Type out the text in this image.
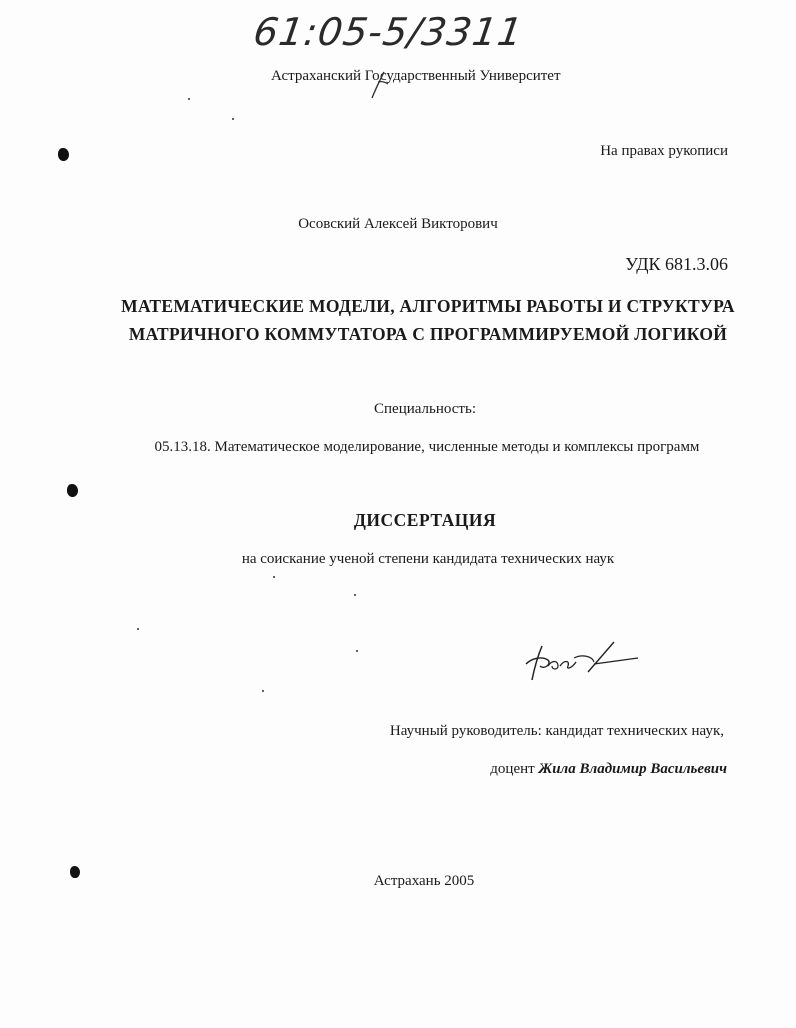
61:05-5/3311
Астраханский Государственный Университет
На правах рукописи
Осовский Алексей Викторович
УДК 681.3.06
МАТЕМАТИЧЕСКИЕ МОДЕЛИ, АЛГОРИТМЫ РАБОТЫ И СТРУКТУРА
МАТРИЧНОГО КОММУТАТОРА С ПРОГРАММИРУЕМОЙ ЛОГИКОЙ
Специальность:
05.13.18. Математическое моделирование, численные методы и комплексы программ
ДИССЕРТАЦИЯ
на соискание ученой степени кандидата технических наук
Научный руководитель: кандидат технических наук,
доцент Жила Владимир Васильевич
Астрахань 2005
